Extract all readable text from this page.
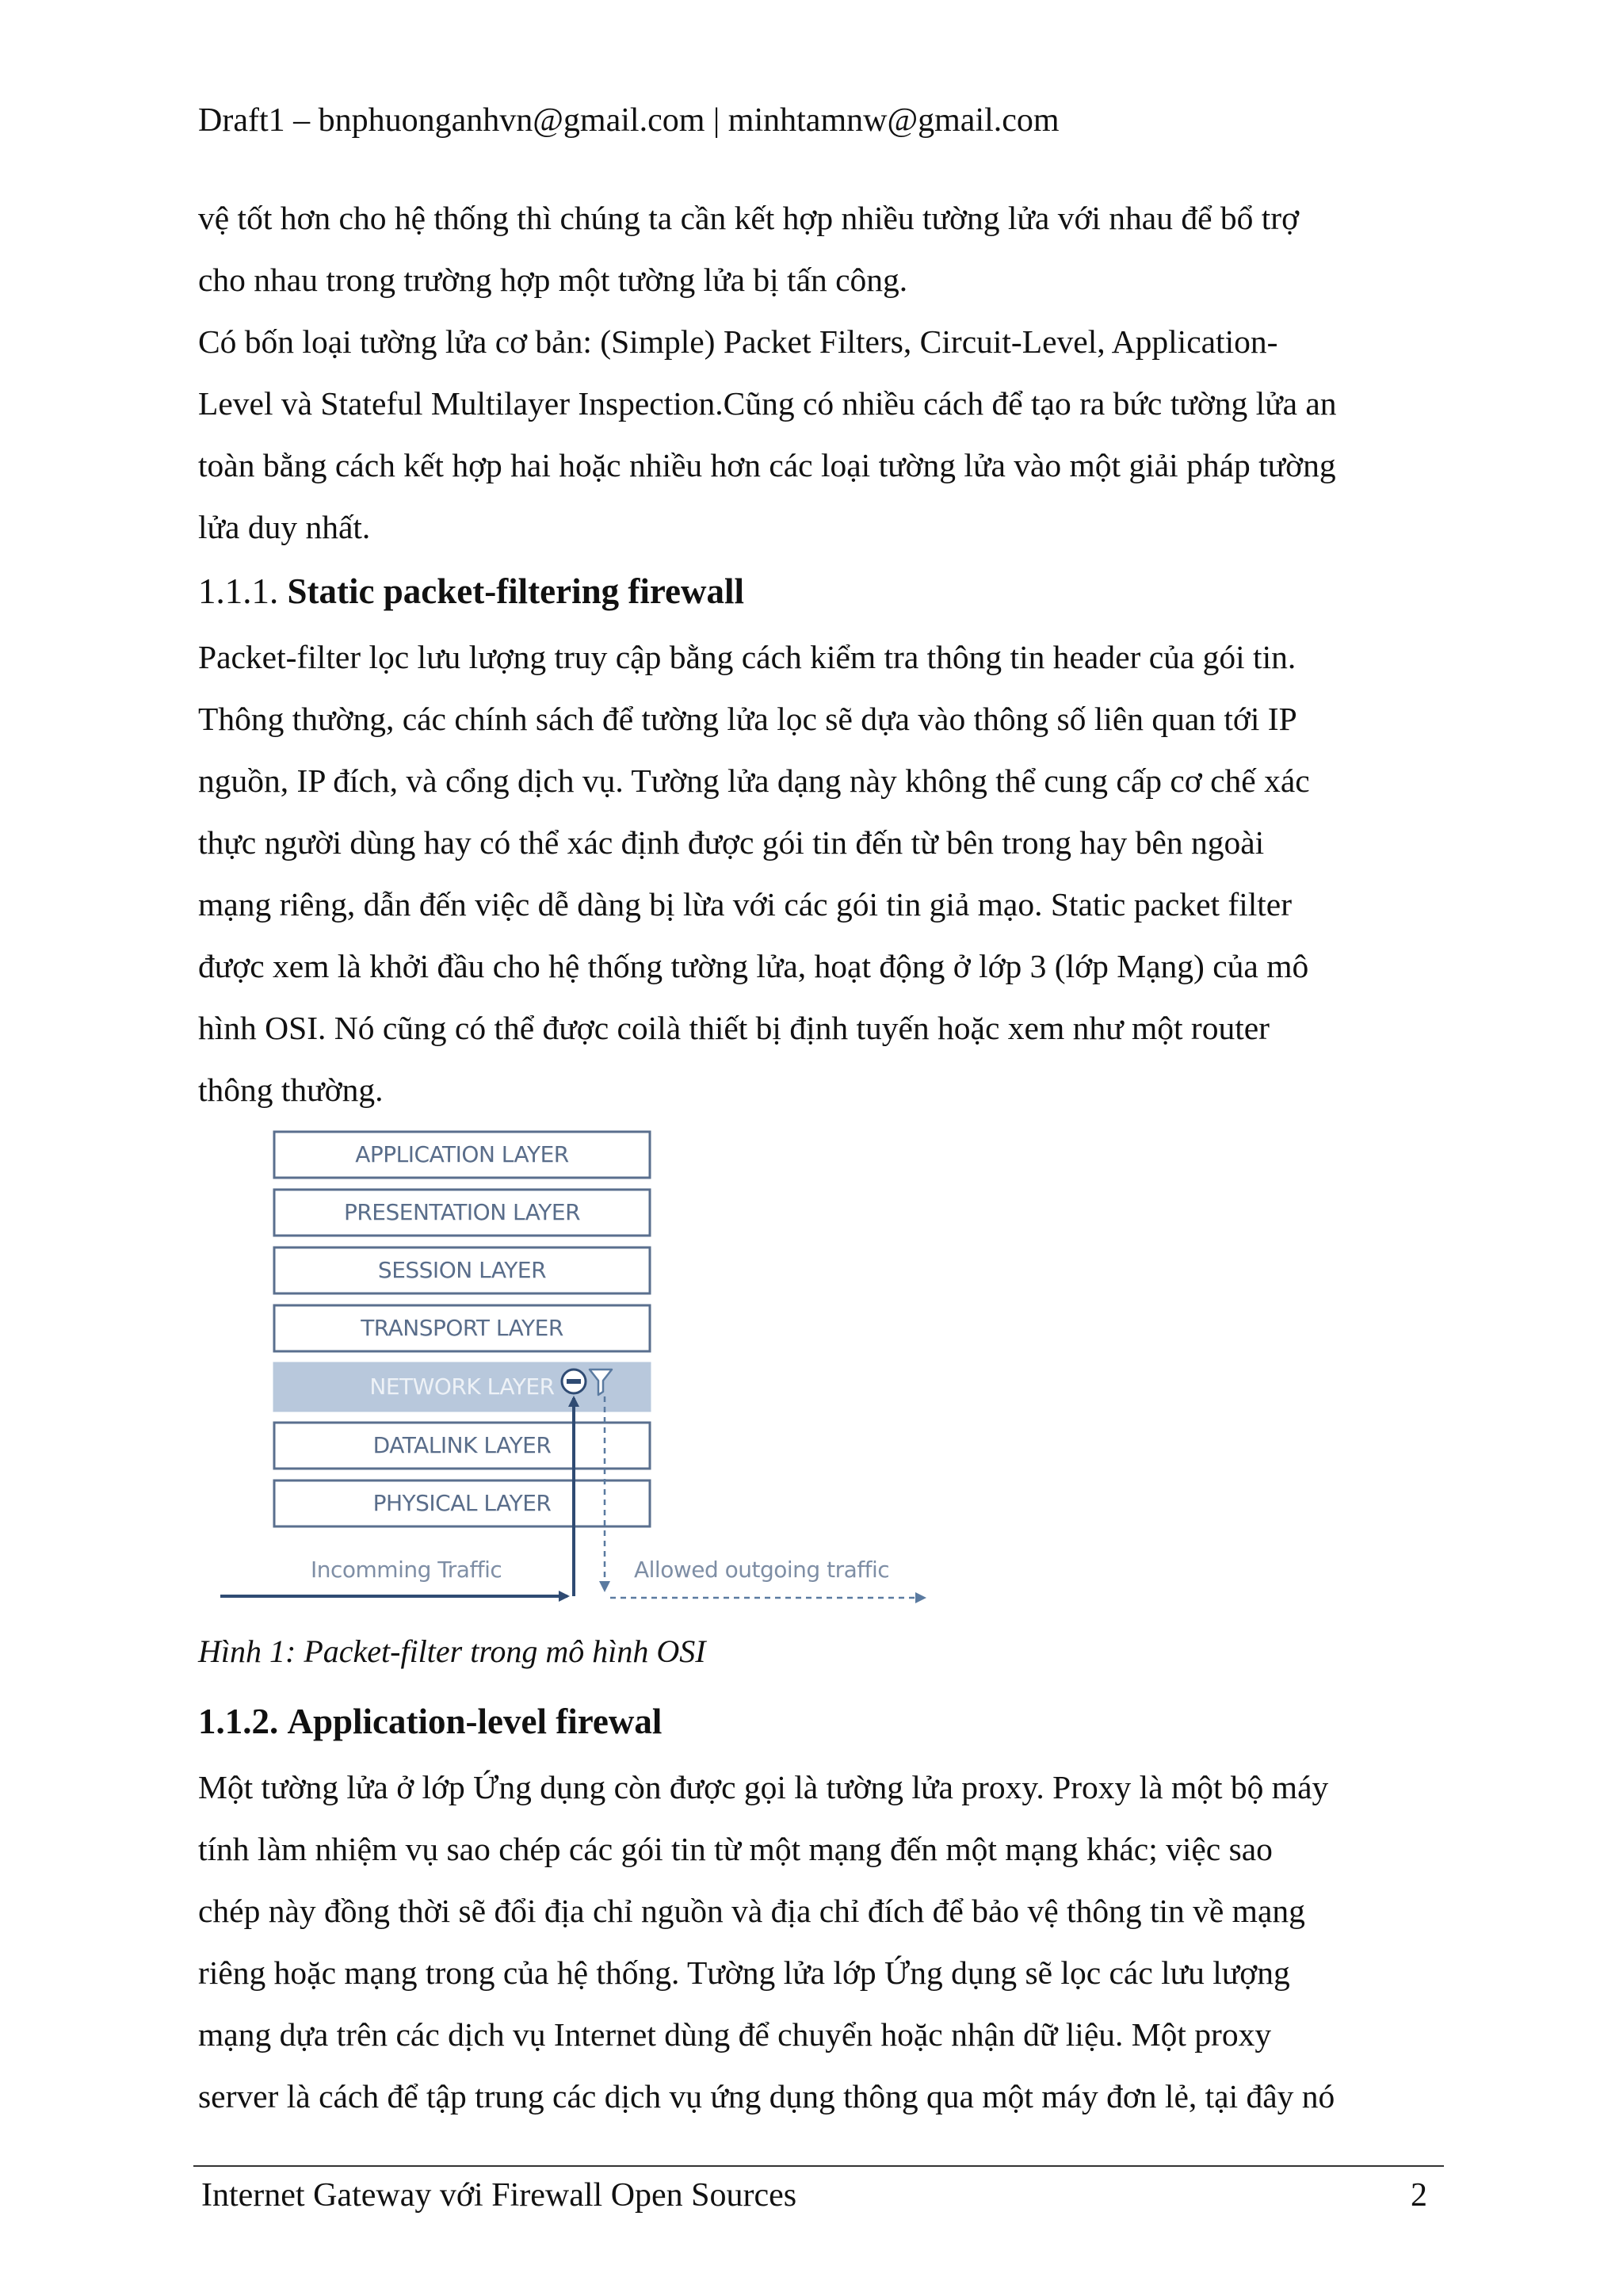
Draft1 – bnphuonganhvn@gmail.com | minhtamnw@gmail.com
vệ tốt hơn cho hệ thống thì chúng ta cần kết hợp nhiều tường lửa với nhau để bổ trợ
cho nhau trong trường hợp một tường lửa bị tấn công.
Có bốn loại tường lửa cơ bản: (Simple) Packet Filters, Circuit-Level, Application-
Level và Stateful Multilayer Inspection.Cũng có nhiều cách để tạo ra bức tường lửa an
toàn bằng cách kết hợp hai hoặc nhiều hơn các loại tường lửa vào một giải pháp tường
lửa duy nhất.
1.1.1. Static packet-filtering firewall
Packet-filter lọc lưu lượng truy cập bằng cách kiểm tra thông tin header của gói tin.
Thông thường, các chính sách để tường lửa lọc sẽ dựa vào thông số liên quan tới IP
nguồn, IP đích, và cổng dịch vụ. Tường lửa dạng này không thể cung cấp cơ chế xác
thực người dùng hay có thể xác định được gói tin đến từ bên trong hay bên ngoài
mạng riêng, dẫn đến việc dễ dàng bị lừa với các gói tin giả mạo. Static packet filter
được xem là khởi đầu cho hệ thống tường lửa, hoạt động ở lớp 3 (lớp Mạng) của mô
hình OSI. Nó cũng có thể được coilà thiết bị định tuyến hoặc xem như một router
thông thường.
APPLICATION LAYER
PRESENTATION LAYER
SESSION LAYER
TRANSPORT LAYER
NETWORK LAYER
DATALINK LAYER
PHYSICAL LAYER
Incomming Traffic	Allowed outgoing traffic
Hình 1: Packet-filter trong mô hình OSI
1.1.2. Application-level firewal
Một tường lửa ở lớp Ứng dụng còn được gọi là tường lửa proxy. Proxy là một bộ máy
tính làm nhiệm vụ sao chép các gói tin từ một mạng đến một mạng khác; việc sao
chép này đồng thời sẽ đổi địa chỉ nguồn và địa chỉ đích để bảo vệ thông tin về mạng
riêng hoặc mạng trong của hệ thống. Tường lửa lớp Ứng dụng sẽ lọc các lưu lượng
mạng dựa trên các dịch vụ Internet dùng để chuyển hoặc nhận dữ liệu. Một proxy
server là cách để tập trung các dịch vụ ứng dụng thông qua một máy đơn lẻ, tại đây nó
Internet Gateway với Firewall Open Sources	2
